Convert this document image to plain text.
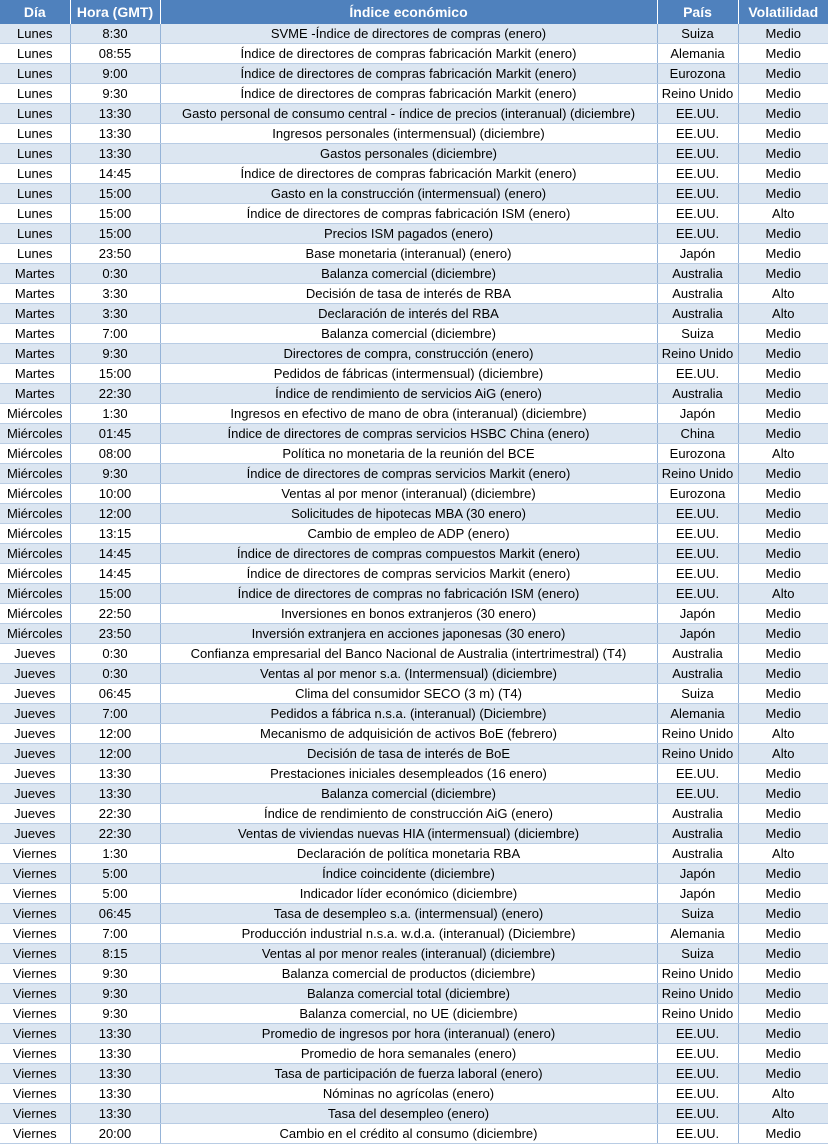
Día	Hora (GMT)	Índice económico	País	Volatilidad
Lunes	8:30	SVME -Índice de directores de compras (enero)	Suiza	Medio
Lunes	08:55	Índice de directores de compras fabricación Markit (enero)	Alemania	Medio
Lunes	9:00	Índice de directores de compras fabricación Markit (enero)	Eurozona	Medio
Lunes	9:30	Índice de directores de compras fabricación Markit (enero)	Reino Unido	Medio
Lunes	13:30	Gasto personal de consumo central - índice de precios (interanual) (diciembre)	EE.UU.	Medio
Lunes	13:30	Ingresos personales (intermensual) (diciembre)	EE.UU.	Medio
Lunes	13:30	Gastos personales (diciembre)	EE.UU.	Medio
Lunes	14:45	Índice de directores de compras fabricación Markit (enero)	EE.UU.	Medio
Lunes	15:00	Gasto en la construcción (intermensual) (enero)	EE.UU.	Medio
Lunes	15:00	Índice de directores de compras fabricación ISM (enero)	EE.UU.	Alto
Lunes	15:00	Precios ISM pagados (enero)	EE.UU.	Medio
Lunes	23:50	Base monetaria (interanual) (enero)	Japón	Medio
Martes	0:30	Balanza comercial (diciembre)	Australia	Medio
Martes	3:30	Decisión de tasa de interés de RBA	Australia	Alto
Martes	3:30	Declaración de interés del RBA	Australia	Alto
Martes	7:00	Balanza comercial (diciembre)	Suiza	Medio
Martes	9:30	Directores de compra, construcción (enero)	Reino Unido	Medio
Martes	15:00	Pedidos de fábricas (intermensual) (diciembre)	EE.UU.	Medio
Martes	22:30	Índice de rendimiento de servicios AiG (enero)	Australia	Medio
Miércoles	1:30	Ingresos en efectivo de mano de obra (interanual) (diciembre)	Japón	Medio
Miércoles	01:45	Índice de directores de compras servicios HSBC China (enero)	China	Medio
Miércoles	08:00	Política no monetaria de la reunión del BCE	Eurozona	Alto
Miércoles	9:30	Índice de directores de compras servicios Markit (enero)	Reino Unido	Medio
Miércoles	10:00	Ventas al por menor (interanual) (diciembre)	Eurozona	Medio
Miércoles	12:00	Solicitudes de hipotecas MBA (30 enero)	EE.UU.	Medio
Miércoles	13:15	Cambio de empleo de ADP (enero)	EE.UU.	Medio
Miércoles	14:45	Índice de directores de compras compuestos Markit (enero)	EE.UU.	Medio
Miércoles	14:45	Índice de directores de compras servicios Markit (enero)	EE.UU.	Medio
Miércoles	15:00	Índice de directores de compras no fabricación ISM (enero)	EE.UU.	Alto
Miércoles	22:50	Inversiones en bonos extranjeros (30 enero)	Japón	Medio
Miércoles	23:50	Inversión extranjera en acciones japonesas (30 enero)	Japón	Medio
Jueves	0:30	Confianza empresarial del Banco Nacional de Australia (intertrimestral) (T4)	Australia	Medio
Jueves	0:30	Ventas al por menor s.a. (Intermensual) (diciembre)	Australia	Medio
Jueves	06:45	Clima del consumidor SECO (3 m) (T4)	Suiza	Medio
Jueves	7:00	Pedidos a fábrica n.s.a. (interanual) (Diciembre)	Alemania	Medio
Jueves	12:00	Mecanismo de adquisición de activos BoE (febrero)	Reino Unido	Alto
Jueves	12:00	Decisión de tasa de interés de BoE	Reino Unido	Alto
Jueves	13:30	Prestaciones iniciales desempleados (16 enero)	EE.UU.	Medio
Jueves	13:30	Balanza comercial (diciembre)	EE.UU.	Medio
Jueves	22:30	Índice de rendimiento de construcción AiG (enero)	Australia	Medio
Jueves	22:30	Ventas de viviendas nuevas HIA (intermensual) (diciembre)	Australia	Medio
Viernes	1:30	Declaración de política monetaria RBA	Australia	Alto
Viernes	5:00	Índice coincidente (diciembre)	Japón	Medio
Viernes	5:00	Indicador líder económico (diciembre)	Japón	Medio
Viernes	06:45	Tasa de desempleo s.a. (intermensual) (enero)	Suiza	Medio
Viernes	7:00	Producción industrial n.s.a. w.d.a. (interanual) (Diciembre)	Alemania	Medio
Viernes	8:15	Ventas al por menor reales (interanual) (diciembre)	Suiza	Medio
Viernes	9:30	Balanza comercial de productos (diciembre)	Reino Unido	Medio
Viernes	9:30	Balanza comercial total (diciembre)	Reino Unido	Medio
Viernes	9:30	Balanza comercial, no UE (diciembre)	Reino Unido	Medio
Viernes	13:30	Promedio de ingresos por hora (interanual) (enero)	EE.UU.	Medio
Viernes	13:30	Promedio de hora semanales (enero)	EE.UU.	Medio
Viernes	13:30	Tasa de participación de fuerza laboral (enero)	EE.UU.	Medio
Viernes	13:30	Nóminas no agrícolas (enero)	EE.UU.	Alto
Viernes	13:30	Tasa del desempleo (enero)	EE.UU.	Alto
Viernes	20:00	Cambio en el crédito al consumo (diciembre)	EE.UU.	Medio
